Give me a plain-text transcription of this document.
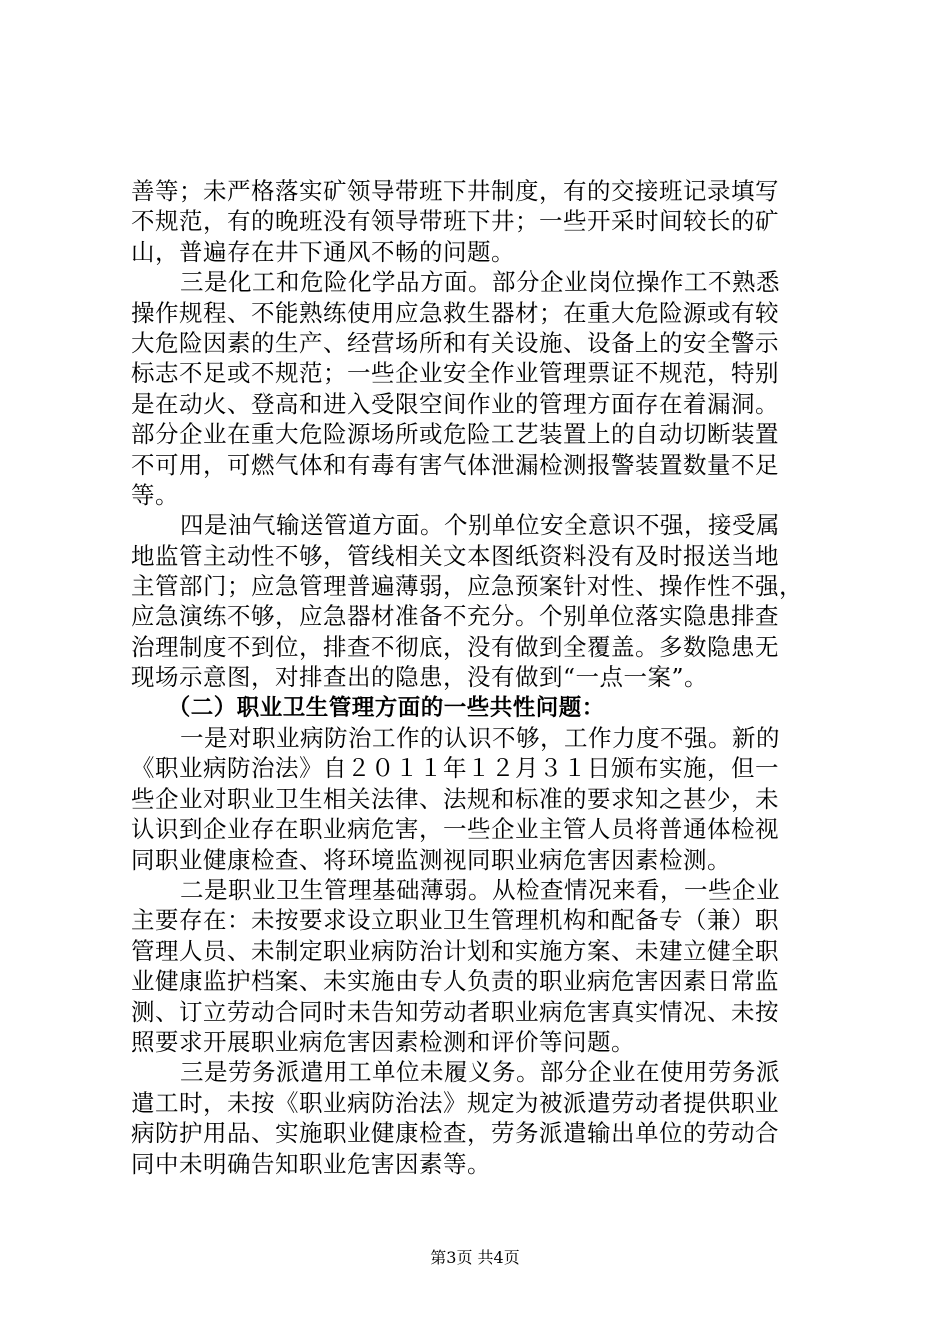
善等；未严格落实矿领导带班下井制度，有的交接班记录填写
不规范，有的晚班没有领导带班下井；一些开采时间较长的矿
山，普遍存在井下通风不畅的问题。
三是化工和危险化学品方面。部分企业岗位操作工不熟悉
操作规程、不能熟练使用应急救生器材；在重大危险源或有较
大危险因素的生产、经营场所和有关设施、设备上的安全警示
标志不足或不规范；一些企业安全作业管理票证不规范，特别
是在动火、登高和进入受限空间作业的管理方面存在着漏洞。
部分企业在重大危险源场所或危险工艺装置上的自动切断装置
不可用，可燃气体和有毒有害气体泄漏检测报警装置数量不足
等。
四是油气输送管道方面。个别单位安全意识不强，接受属
地监管主动性不够，管线相关文本图纸资料没有及时报送当地
主管部门；应急管理普遍薄弱，应急预案针对性、操作性不强，
应急演练不够，应急器材准备不充分。个别单位落实隐患排查
治理制度不到位，排查不彻底，没有做到全覆盖。多数隐患无
现场示意图，对排查出的隐患，没有做到“一点一案”。
（二）职业卫生管理方面的一些共性问题：
一是对职业病防治工作的认识不够，工作力度不强。新的
《职业病防治法》自２０１１年１２月３１日颁布实施，但一
些企业对职业卫生相关法律、法规和标准的要求知之甚少，未
认识到企业存在职业病危害，一些企业主管人员将普通体检视
同职业健康检查、将环境监测视同职业病危害因素检测。
二是职业卫生管理基础薄弱。从检查情况来看，一些企业
主要存在：未按要求设立职业卫生管理机构和配备专（兼）职
管理人员、未制定职业病防治计划和实施方案、未建立健全职
业健康监护档案、未实施由专人负责的职业病危害因素日常监
测、订立劳动合同时未告知劳动者职业病危害真实情况、未按
照要求开展职业病危害因素检测和评价等问题。
三是劳务派遣用工单位未履义务。部分企业在使用劳务派
遣工时，未按《职业病防治法》规定为被派遣劳动者提供职业
病防护用品、实施职业健康检查，劳务派遣输出单位的劳动合
同中未明确告知职业危害因素等。
第3页 共4页
